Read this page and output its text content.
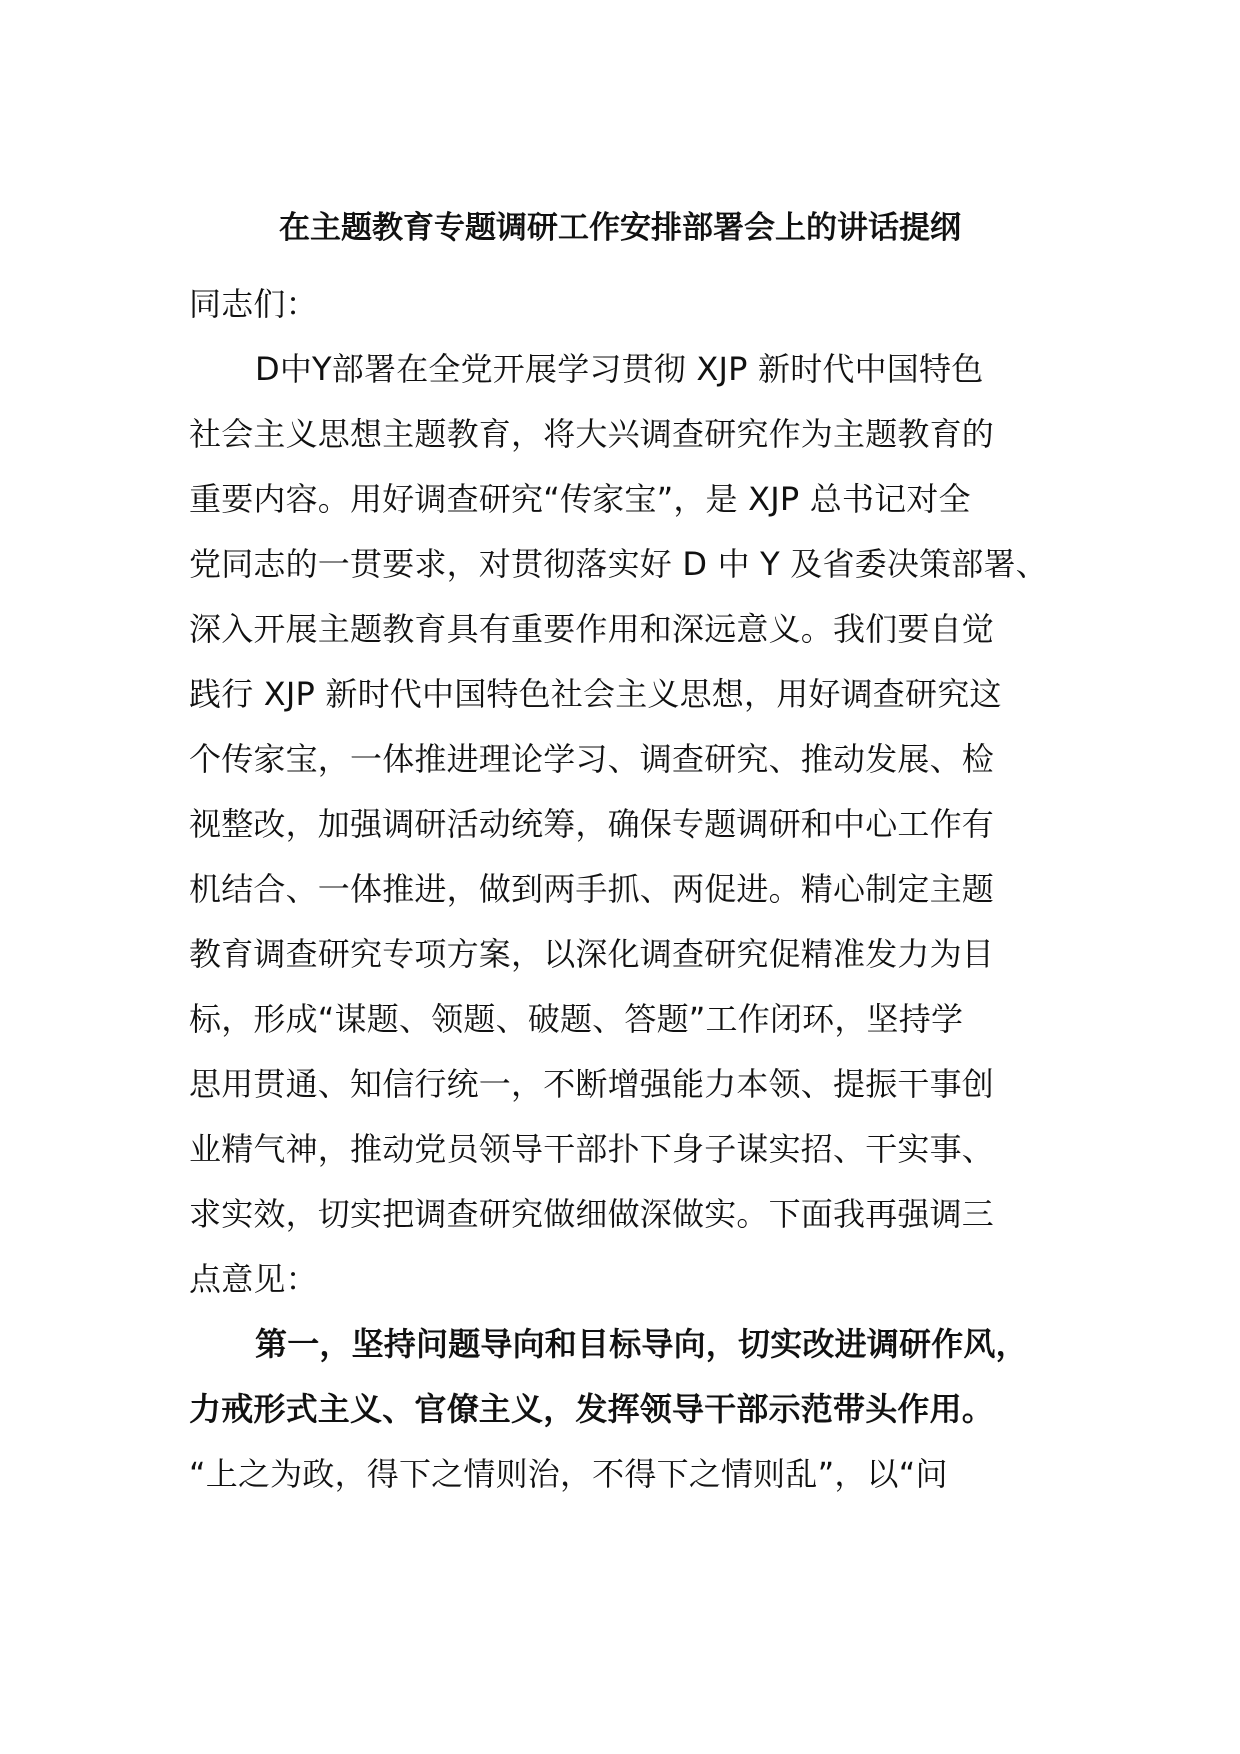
在主题教育专题调研工作安排部署会上的讲话提纲
同志们：
D中Y部署在全党开展学习贯彻 XJP 新时代中国特色
社会主义思想主题教育，将大兴调查研究作为主题教育的
重要内容。用好调查研究“传家宝”，是 XJP 总书记对全
党同志的一贯要求，对贯彻落实好 D 中 Y 及省委决策部署、
深入开展主题教育具有重要作用和深远意义。我们要自觉
践行 XJP 新时代中国特色社会主义思想，用好调查研究这
个传家宝，一体推进理论学习、调查研究、推动发展、检
视整改，加强调研活动统筹，确保专题调研和中心工作有
机结合、一体推进，做到两手抓、两促进。精心制定主题
教育调查研究专项方案，以深化调查研究促精准发力为目
标，形成“谋题、领题、破题、答题”工作闭环，坚持学
思用贯通、知信行统一，不断增强能力本领、提振干事创
业精气神，推动党员领导干部扑下身子谋实招、干实事、
求实效，切实把调查研究做细做深做实。下面我再强调三
点意见：
第一，坚持问题导向和目标导向，切实改进调研作风，
力戒形式主义、官僚主义，发挥领导干部示范带头作用。
“上之为政，得下之情则治，不得下之情则乱”，以“问
